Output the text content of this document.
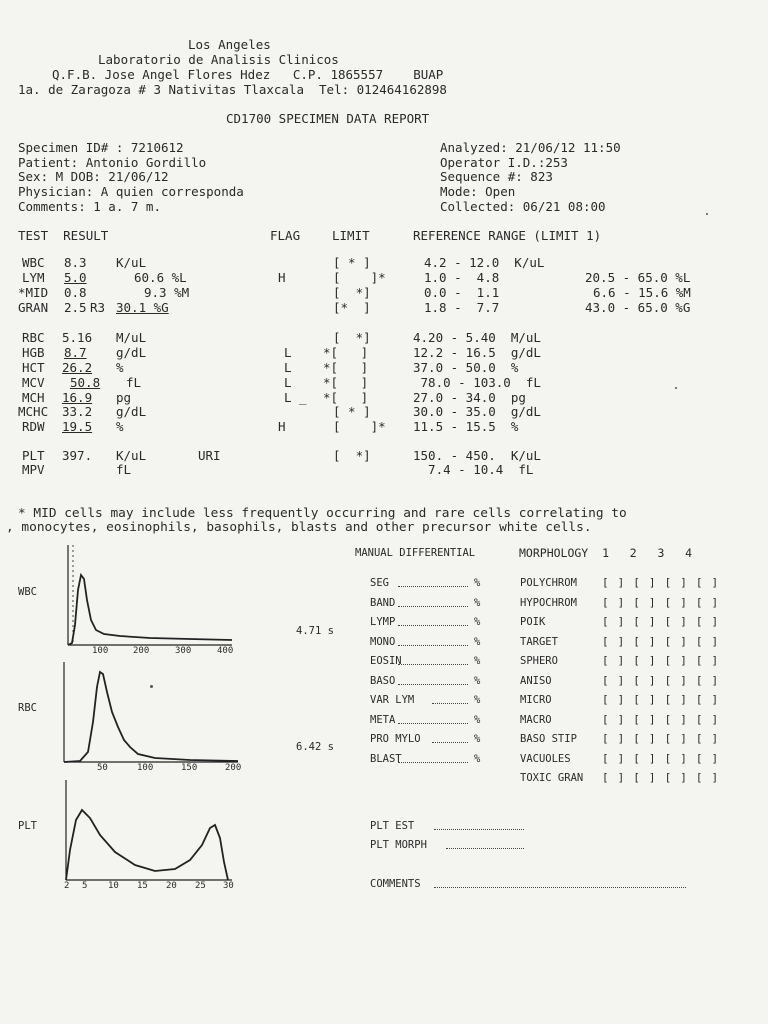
Los Angeles
Laboratorio de Analisis Clinicos
Q.F.B. Jose Angel Flores Hdez   C.P. 1865557    BUAP
1a. de Zaragoza # 3 Nativitas Tlaxcala  Tel: 012464162898
CD1700 SPECIMEN DATA REPORT
Specimen ID# : 7210612
Patient: Antonio Gordillo
Sex: M DOB: 21/06/12
Physician: A quien corresponda
Comments: 1 a. 7 m.
Analyzed: 21/06/12 11:50
Operator I.D.:253
Sequence #: 823
Mode: Open
Collected: 06/21 08:00
TEST  RESULT	FLAG	LIMIT	REFERENCE RANGE (LIMIT 1)
WBC 8.3 K/uL	[ * ]	4.2 - 12.0  K/uL
LYM 5.0	60.6 %L	H	[    ]*	1.0 -  4.8	20.5 - 65.0 %L
*MID 0.8	9.3 %M	[  *]	0.0 -  1.1	6.6 - 15.6 %M
GRAN 2.5 R3 30.1 %G	[*  ]	1.8 -  7.7	43.0 - 65.0 %G
RBC 5.16 M/uL	[  *]	4.20 - 5.40  M/uL
HGB 8.7 g/dL	L	*[   ]	12.2 - 16.5  g/dL
HCT 26.2 %	L	*[   ]	37.0 - 50.0  %
MCV 50.8 fL	L	*[   ]	78.0 - 103.0  fL
MCH 16.9 pg	L _ *[   ]	27.0 - 34.0  pg
MCHC 33.2 g/dL	[ * ]	30.0 - 35.0  g/dL
RDW 19.5 %	H	[    ]* 11.5 - 15.5  %
PLT 397. K/uL	URI	[  *]	150. - 450.  K/uL
MPV	fL	7.4 - 10.4  fL
* MID cells may include less frequently occurring and rare cells correlating to
, monocytes, eosinophils, basophils, blasts and other precursor white cells.
MANUAL DIFFERENTIAL
SEG	%
BAND	%
LYMP	%
MONO	%
EOSIN	%
BASO	%
VAR LYM	%
META	%
PRO MYLO	%
BLAST	%
MORPHOLOGY  1   2   3   4
POLYCHROM [ ] [ ] [ ] [ ]
HYPOCHROM [ ] [ ] [ ] [ ]
POIK	[ ] [ ] [ ] [ ]
TARGET	[ ] [ ] [ ] [ ]
SPHERO	[ ] [ ] [ ] [ ]
ANISO	[ ] [ ] [ ] [ ]
MICRO	[ ] [ ] [ ] [ ]
MACRO	[ ] [ ] [ ] [ ]
BASO STIP [ ] [ ] [ ] [ ]
VACUOLES	[ ] [ ] [ ] [ ]
TOXIC GRAN [ ] [ ] [ ] [ ]
WBC
RBC
PLT
4.71 s
6.42 s
100	200	300	400
50	100	150	200
2 5 10 15 20 25 30
PLT EST
PLT MORPH
COMMENTS
